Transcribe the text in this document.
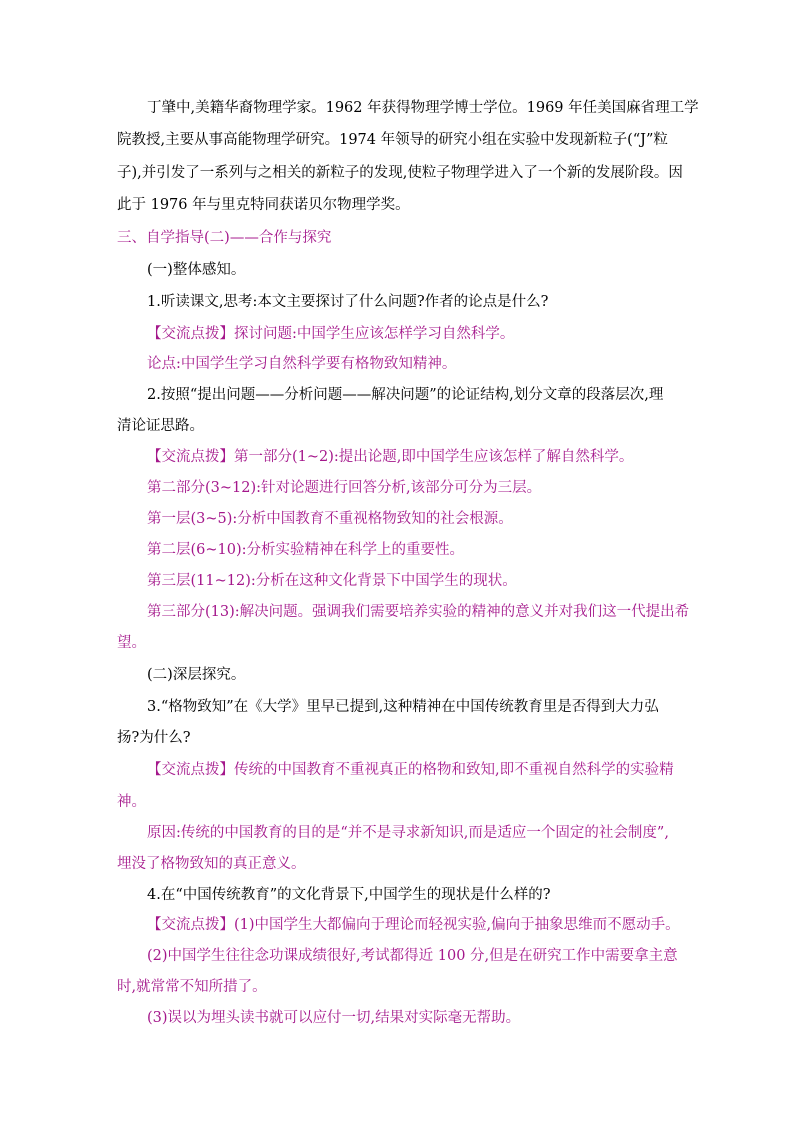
丁肇中,美籍华裔物理学家。1962 年获得物理学博士学位。1969 年任美国麻省理工学
院教授,主要从事高能物理学研究。1974 年领导的研究小组在实验中发现新粒子(“J”粒
子),并引发了一系列与之相关的新粒子的发现,使粒子物理学进入了一个新的发展阶段。因
此于 1976 年与里克特同获诺贝尔物理学奖。
三、自学指导(二)——合作与探究
(一)整体感知。
1.听读课文,思考:本文主要探讨了什么问题?作者的论点是什么?
【交流点拨】探讨问题:中国学生应该怎样学习自然科学。
论点:中国学生学习自然科学要有格物致知精神。
2.按照“提出问题——分析问题——解决问题”的论证结构,划分文章的段落层次,理
清论证思路。
【交流点拨】第一部分(1~2):提出论题,即中国学生应该怎样了解自然科学。
第二部分(3~12):针对论题进行回答分析,该部分可分为三层。
第一层(3~5):分析中国教育不重视格物致知的社会根源。
第二层(6~10):分析实验精神在科学上的重要性。
第三层(11~12):分析在这种文化背景下中国学生的现状。
第三部分(13):解决问题。强调我们需要培养实验的精神的意义并对我们这一代提出希
望。
(二)深层探究。
3.“格物致知”在《大学》里早已提到,这种精神在中国传统教育里是否得到大力弘
扬?为什么?
【交流点拨】传统的中国教育不重视真正的格物和致知,即不重视自然科学的实验精
神。
原因:传统的中国教育的目的是“并不是寻求新知识,而是适应一个固定的社会制度”,
埋没了格物致知的真正意义。
4.在“中国传统教育”的文化背景下,中国学生的现状是什么样的?
【交流点拨】(1)中国学生大都偏向于理论而轻视实验,偏向于抽象思维而不愿动手。
(2)中国学生往往念功课成绩很好,考试都得近 100 分,但是在研究工作中需要拿主意
时,就常常不知所措了。
(3)误以为埋头读书就可以应付一切,结果对实际毫无帮助。
